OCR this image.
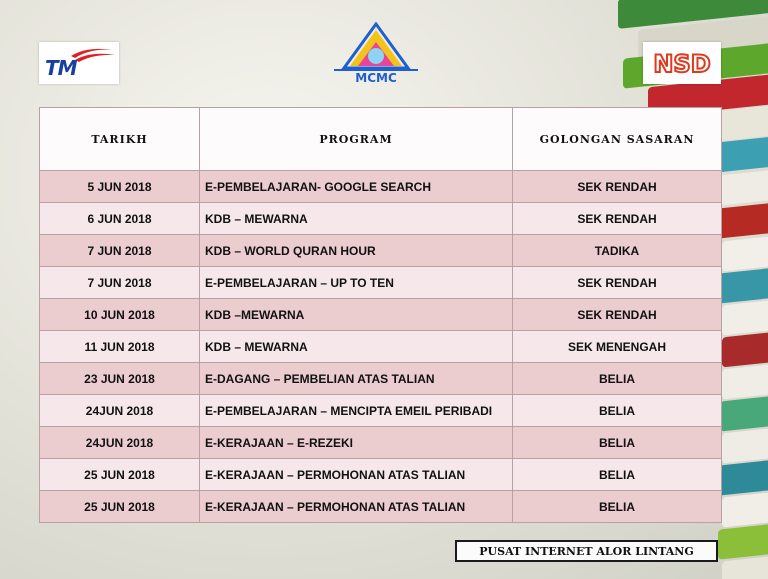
TM	MCMC	NSD
TARIKH	PROGRAM	GOLONGAN SASARAN
5 JUN 2018	E-PEMBELAJARAN- GOOGLE SEARCH	SEK RENDAH
6 JUN 2018	KDB – MEWARNA	SEK RENDAH
7 JUN 2018	KDB – WORLD QURAN HOUR	TADIKA
7 JUN 2018	E-PEMBELAJARAN – UP TO TEN	SEK RENDAH
10 JUN 2018	KDB –MEWARNA	SEK RENDAH
11 JUN 2018	KDB – MEWARNA	SEK MENENGAH
23 JUN 2018	E-DAGANG – PEMBELIAN ATAS TALIAN	BELIA
24JUN 2018	E-PEMBELAJARAN – MENCIPTA EMEIL PERIBADI	BELIA
24JUN 2018	E-KERAJAAN – E-REZEKI	BELIA
25 JUN 2018	E-KERAJAAN – PERMOHONAN ATAS TALIAN	BELIA
25 JUN 2018	E-KERAJAAN – PERMOHONAN ATAS TALIAN	BELIA
PUSAT INTERNET ALOR LINTANG
